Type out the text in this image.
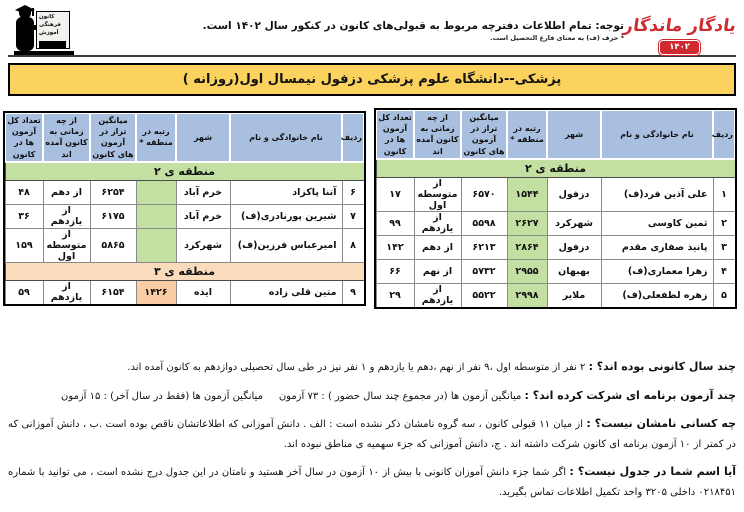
یادگار ماندگار
۱۴۰۲
توجه: تمام اطلاعات دفترچه مربوط به قبولی‌های کانون در کنکور سال ۱۴۰۲ است.
* حرف (ف) به معنای فارغ التحصیل است.
کانون
فرهنگی
آموزش
پزشکی--دانشگاه علوم پزشکی دزفول نیمسال اول(روزانه )
ردیف	نام خانوادگی و نام	شهر	رتبه در منطقه *	میانگین تراز در آزمون های کانون	از چه زمانی به کانون آمده اند	تعداد کل آزمون ها در کانون
منطقه ی ۲						
۱	علی آذین فرد(ف)	دزفول	۱۵۴۴	۶۵۷۰	از متوسطه اول	۱۷
۲	ثمین کاوسی	شهرکرد	۲۶۲۷	۵۵۹۸	از یازدهم	۹۹
۳	پانیذ صفاری مقدم	دزفول	۲۸۶۴	۶۲۱۳	از دهم	۱۴۲
۴	زهرا معماری(ف)	بهبهان	۲۹۵۵	۵۷۳۲	از نهم	۶۶
۵	زهره لطفعلی(ف)	ملایر	۲۹۹۸	۵۵۲۲	از یازدهم	۲۹
ردیف	نام خانوادگی و نام	شهر	رتبه در منطقه *	میانگین تراز در آزمون های کانون	از چه زمانی به کانون آمده اند	تعداد کل آزمون ها در کانون
منطقه ی ۲						
۶	آتنا پاکزاد	خرم آباد		۶۲۵۴	از دهم	۴۸
۷	شیرین پورنادری(ف)	خرم آباد		۶۱۷۵	از یازدهم	۳۶
۸	امیرعباس فرزین(ف)	شهرکرد		۵۸۶۵	از متوسطه اول	۱۵۹
منطقه ی ۳						
۹	متین قلی زاده	ایذه	۱۴۲۶	۶۱۵۴	از یازدهم	۵۹

چند سال کانونی بوده اند؟ : ۲ نفر از متوسطه اول ،۹ نفر از نهم ،دهم یا یازدهم و ۱ نفر نیز در طی سال تحصیلی دوازدهم به کانون آمده اند.

چند آزمون برنامه ای شرکت کرده اند؟ : میانگین آزمون ها (در مجموع چند سال حضور ) : ۷۳ آزمون     میانگین آزمون ها (فقط در سال آخر) : ۱۵ آزمون

چه کسانی نامشان نیست؟ : از میان ۱۱ قبولی کانون ، سه گروه نامشان ذکر نشده است : الف . دانش آموزانی که اطلاعاتشان ناقص بوده است .ب ، دانش آموزانی که در کمتر از ۱۰ آزمون برنامه ای کانون شرکت داشته اند . ج، دانش آموزانی که جزء سهمیه ی مناطق نبوده اند.

آیا اسم شما در جدول نیست؟ : اگر شما جزء دانش آموزان کانونی با بیش از ۱۰ آزمون در سال آخر هستید و نامتان در این جدول درج نشده است ، می توانید با شماره ۰۲۱۸۴۵۱ داخلی ۳۲۰۵ واحد تکمیل اطلاعات تماس بگیرید.
